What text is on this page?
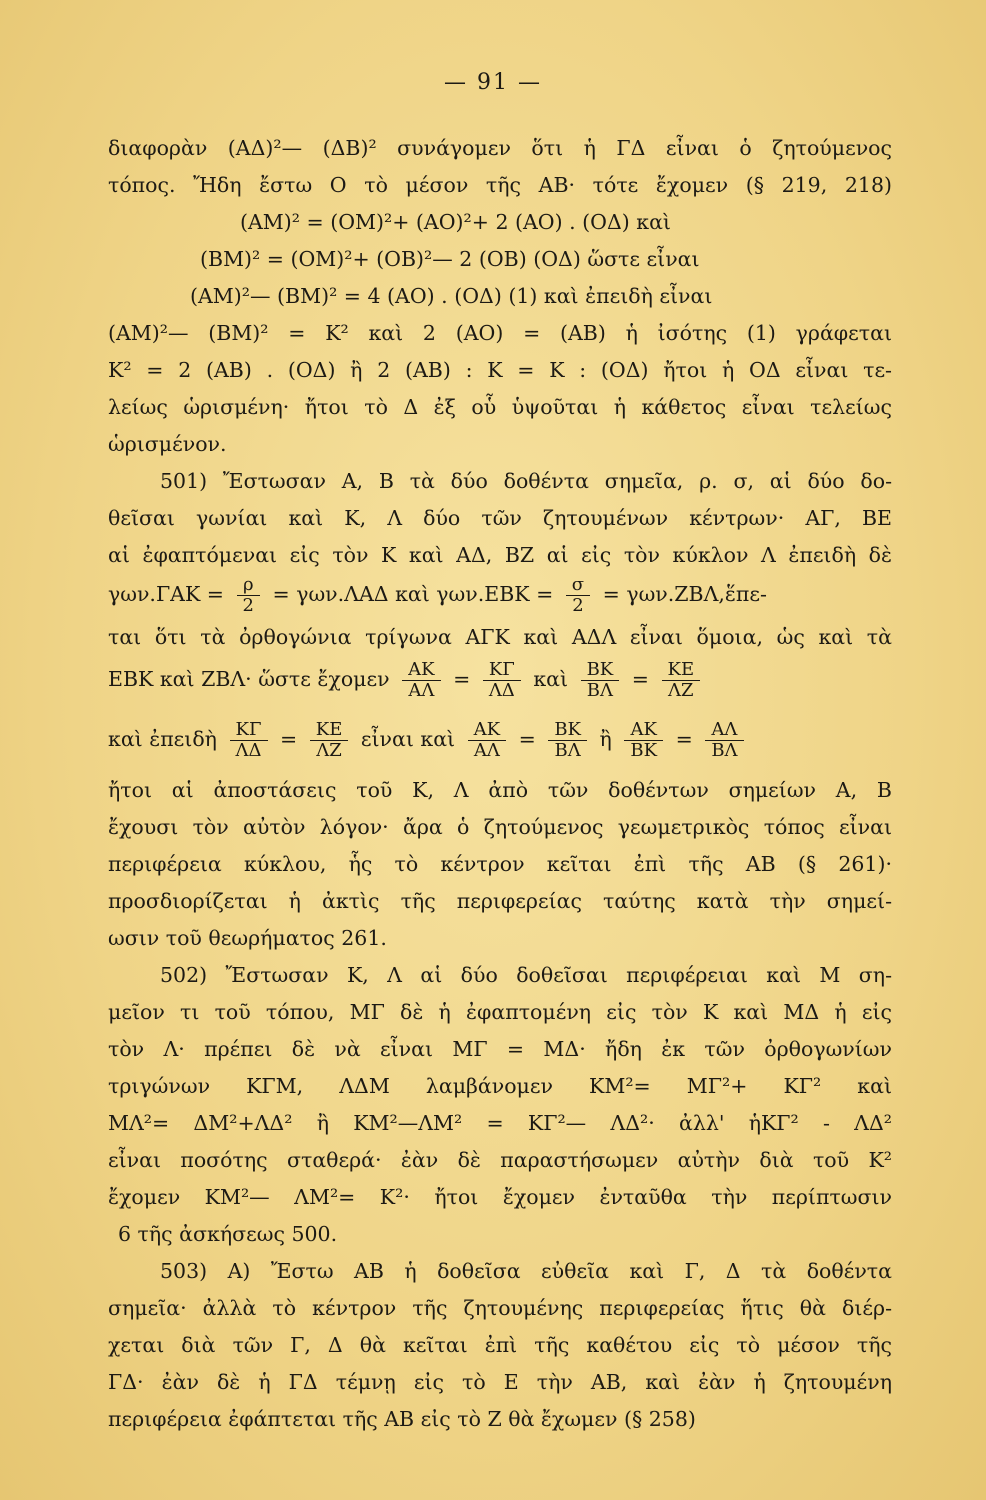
— 91 —
διαφορὰν (ΑΔ)²— (ΔΒ)² συνάγομεν ὅτι ἡ ΓΔ εἶναι ὁ ζητούμενος
τόπος. Ἤδη ἔστω Ο τὸ μέσον τῆς ΑΒ· τότε ἔχομεν (§ 219, 218)
(ΑΜ)² = (ΟΜ)²+ (ΑΟ)²+ 2 (ΑΟ) . (ΟΔ) καὶ
(ΒΜ)² = (ΟΜ)²+ (ΟΒ)²— 2 (ΟΒ) (ΟΔ) ὥστε εἶναι
(ΑΜ)²— (ΒΜ)² = 4 (ΑΟ) . (ΟΔ) (1) καὶ ἐπειδὴ εἶναι
(ΑΜ)²— (ΒΜ)² = Κ² καὶ 2 (ΑΟ) = (ΑΒ) ἡ ἰσότης (1) γράφεται
Κ² = 2 (ΑΒ) . (ΟΔ) ἢ 2 (ΑΒ) : Κ = Κ : (ΟΔ) ἤτοι ἡ ΟΔ εἶναι τε-
λείως ὡρισμένη· ἤτοι τὸ Δ ἐξ οὗ ὑψοῦται ἡ κάθετος εἶναι τελείως
ὡρισμένον.
501) Ἔστωσαν Α, Β τὰ δύο δοθέντα σημεῖα, ρ. σ, αἱ δύο δο-
θεῖσαι γωνίαι καὶ Κ, Λ δύο τῶν ζητουμένων κέντρων· ΑΓ, ΒΕ
αἱ ἐφαπτόμεναι εἰς τὸν Κ καὶ ΑΔ, ΒΖ αἱ εἰς τὸν κύκλον Λ ἐπειδὴ δὲ
$\gamma\omega\nu.\Gamma AK = \frac{\rho}{2} = \gamma\omega\nu.\Lambda A\Delta$ καὶ $\gamma\omega\nu.EBK = \frac{\sigma}{2}$ = γων.ΖΒΛ,ἕπε-
ται ὅτι τὰ ὀρθογώνια τρίγωνα ΑΓΚ καὶ ΑΔΛ εἶναι ὅμοια, ὡς καὶ τὰ
ΕΒΚ καὶ ΖΒΛ· ὥστε ἔχομεν $\frac{AK}{A\Lambda} = \frac{K\Gamma}{\Lambda\Delta}$ καὶ $\frac{BK}{B\Lambda} = \frac{KE}{\Lambda Z}$
καὶ ἐπειδὴ $\frac{K\Gamma}{\Lambda\Delta} = \frac{KE}{\Lambda Z}$ εἶναι καὶ $\frac{AK}{A\Lambda} = \frac{BK}{B\Lambda}$ ἢ $\frac{AK}{BK} = \frac{A\Lambda}{B\Lambda}$
ἤτοι αἱ ἀποστάσεις τοῦ Κ, Λ ἀπὸ τῶν δοθέντων σημείων Α, Β
ἔχουσι τὸν αὐτὸν λόγον· ἄρα ὁ ζητούμενος γεωμετρικὸς τόπος εἶναι
περιφέρεια κύκλου, ἧς τὸ κέντρον κεῖται ἐπὶ τῆς ΑΒ (§ 261)·
προσδιορίζεται ἡ ἀκτὶς τῆς περιφερείας ταύτης κατὰ τὴν σημεί-
ωσιν τοῦ θεωρήματος 261.
502) Ἔστωσαν Κ, Λ αἱ δύο δοθεῖσαι περιφέρειαι καὶ Μ ση-
μεῖον τι τοῦ τόπου, ΜΓ δὲ ἡ ἐφαπτομένη εἰς τὸν Κ καὶ ΜΔ ἡ εἰς
τὸν Λ· πρέπει δὲ νὰ εἶναι ΜΓ = ΜΔ· ἤδη ἐκ τῶν ὀρθογωνίων
τριγώνων ΚΓΜ, ΛΔΜ λαμβάνομεν ΚΜ²= ΜΓ²+ ΚΓ² καὶ
ΜΛ²= ΔΜ²+ΛΔ² ἢ ΚΜ²—ΛΜ² = ΚΓ²— ΛΔ²· ἀλλ' ἡΚΓ² - ΛΔ²
εἶναι ποσότης σταθερά· ἐὰν δὲ παραστήσωμεν αὐτὴν διὰ τοῦ Κ²
ἔχομεν ΚΜ²— ΛΜ²= Κ²· ἤτοι ἔχομεν ἐνταῦθα τὴν περίπτωσιν
6 τῆς ἀσκήσεως 500.
503) Α) Ἔστω ΑΒ ἡ δοθεῖσα εὐθεῖα καὶ Γ, Δ τὰ δοθέντα
σημεῖα· ἀλλὰ τὸ κέντρον τῆς ζητουμένης περιφερείας ἥτις θὰ διέρ-
χεται διὰ τῶν Γ, Δ θὰ κεῖται ἐπὶ τῆς καθέτου εἰς τὸ μέσον τῆς
ΓΔ· ἐὰν δὲ ἡ ΓΔ τέμνῃ εἰς τὸ Ε τὴν ΑΒ, καὶ ἐὰν ἡ ζητουμένη
περιφέρεια ἐφάπτεται τῆς ΑΒ εἰς τὸ Ζ θὰ ἔχωμεν (§ 258)
